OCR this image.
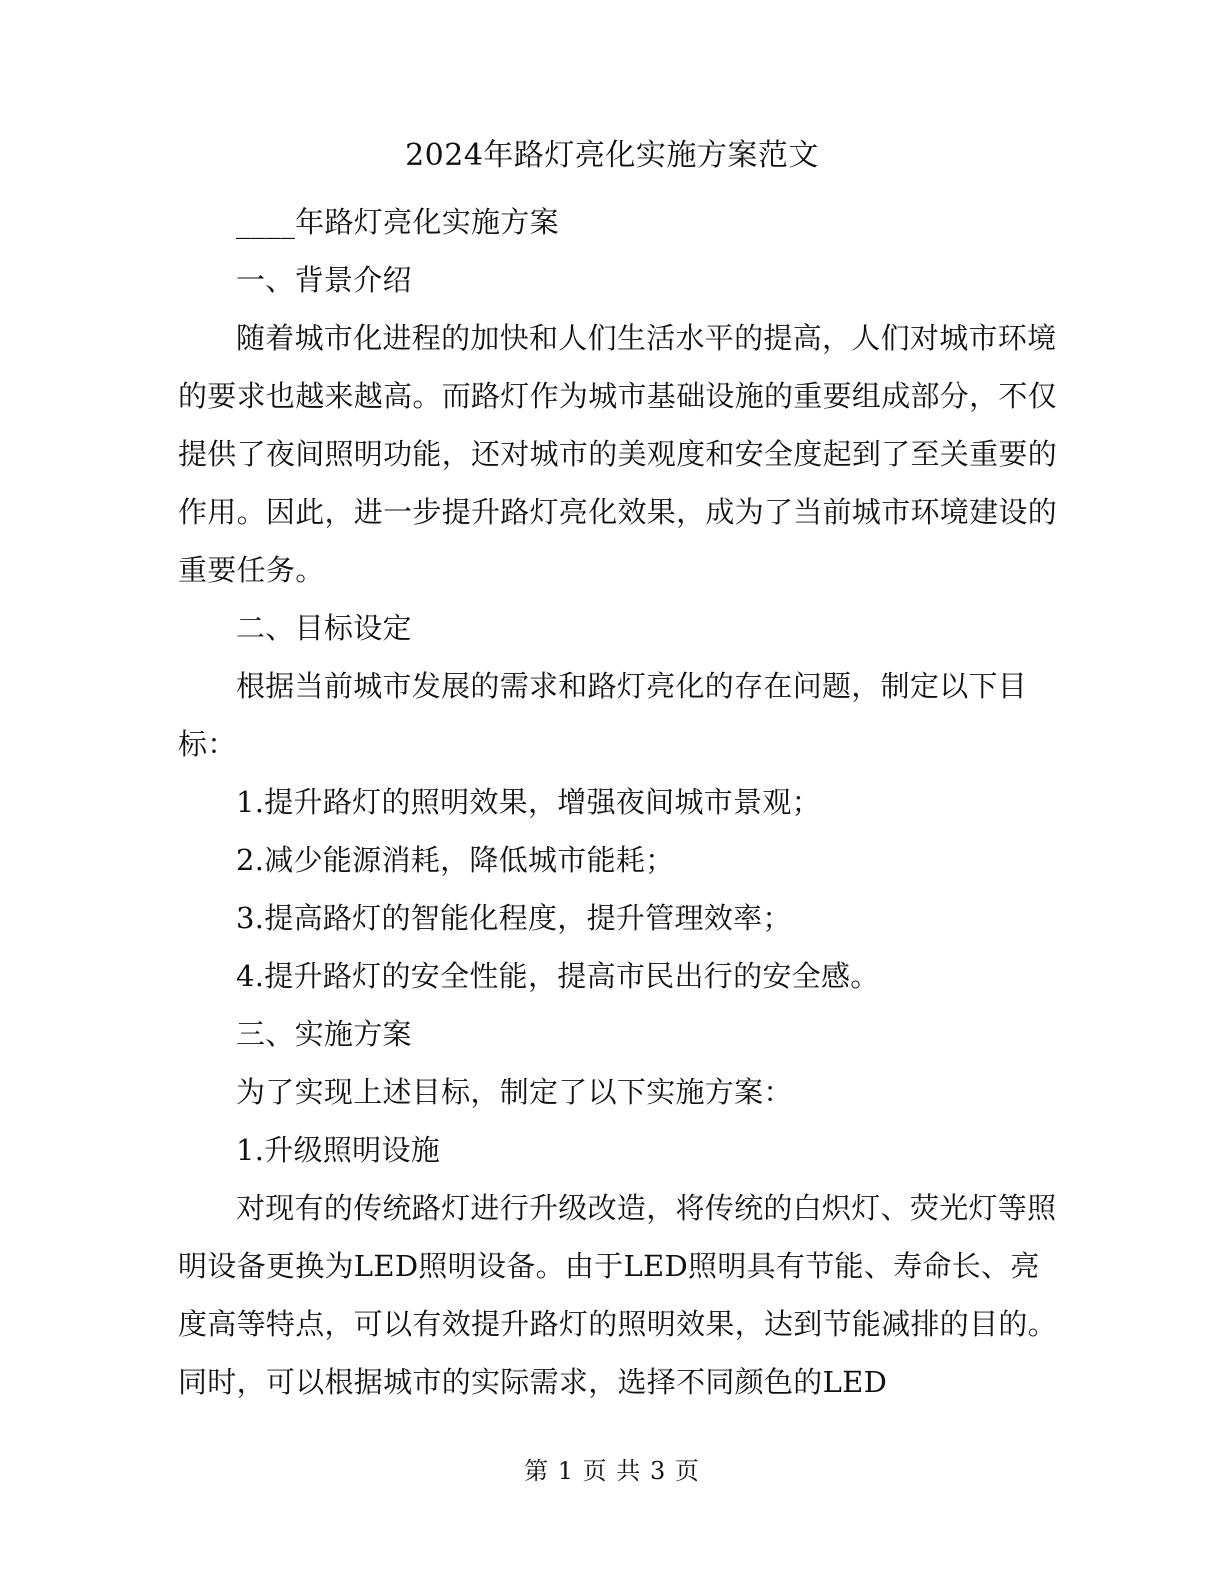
2024年路灯亮化实施方案范文

____年路灯亮化实施方案

一、背景介绍

随着城市化进程的加快和人们生活水平的提高，人们对城市环境的要求也越来越高。而路灯作为城市基础设施的重要组成部分，不仅提供了夜间照明功能，还对城市的美观度和安全度起到了至关重要的作用。因此，进一步提升路灯亮化效果，成为了当前城市环境建设的重要任务。

二、目标设定

根据当前城市发展的需求和路灯亮化的存在问题，制定以下目标：

1.提升路灯的照明效果，增强夜间城市景观；

2.减少能源消耗，降低城市能耗；

3.提高路灯的智能化程度，提升管理效率；

4.提升路灯的安全性能，提高市民出行的安全感。

三、实施方案

为了实现上述目标，制定了以下实施方案：

1.升级照明设施

对现有的传统路灯进行升级改造，将传统的白炽灯、荧光灯等照明设备更换为LED照明设备。由于LED照明具有节能、寿命长、亮度高等特点，可以有效提升路灯的照明效果，达到节能减排的目的。同时，可以根据城市的实际需求，选择不同颜色的LED

第 1 页 共 3 页
